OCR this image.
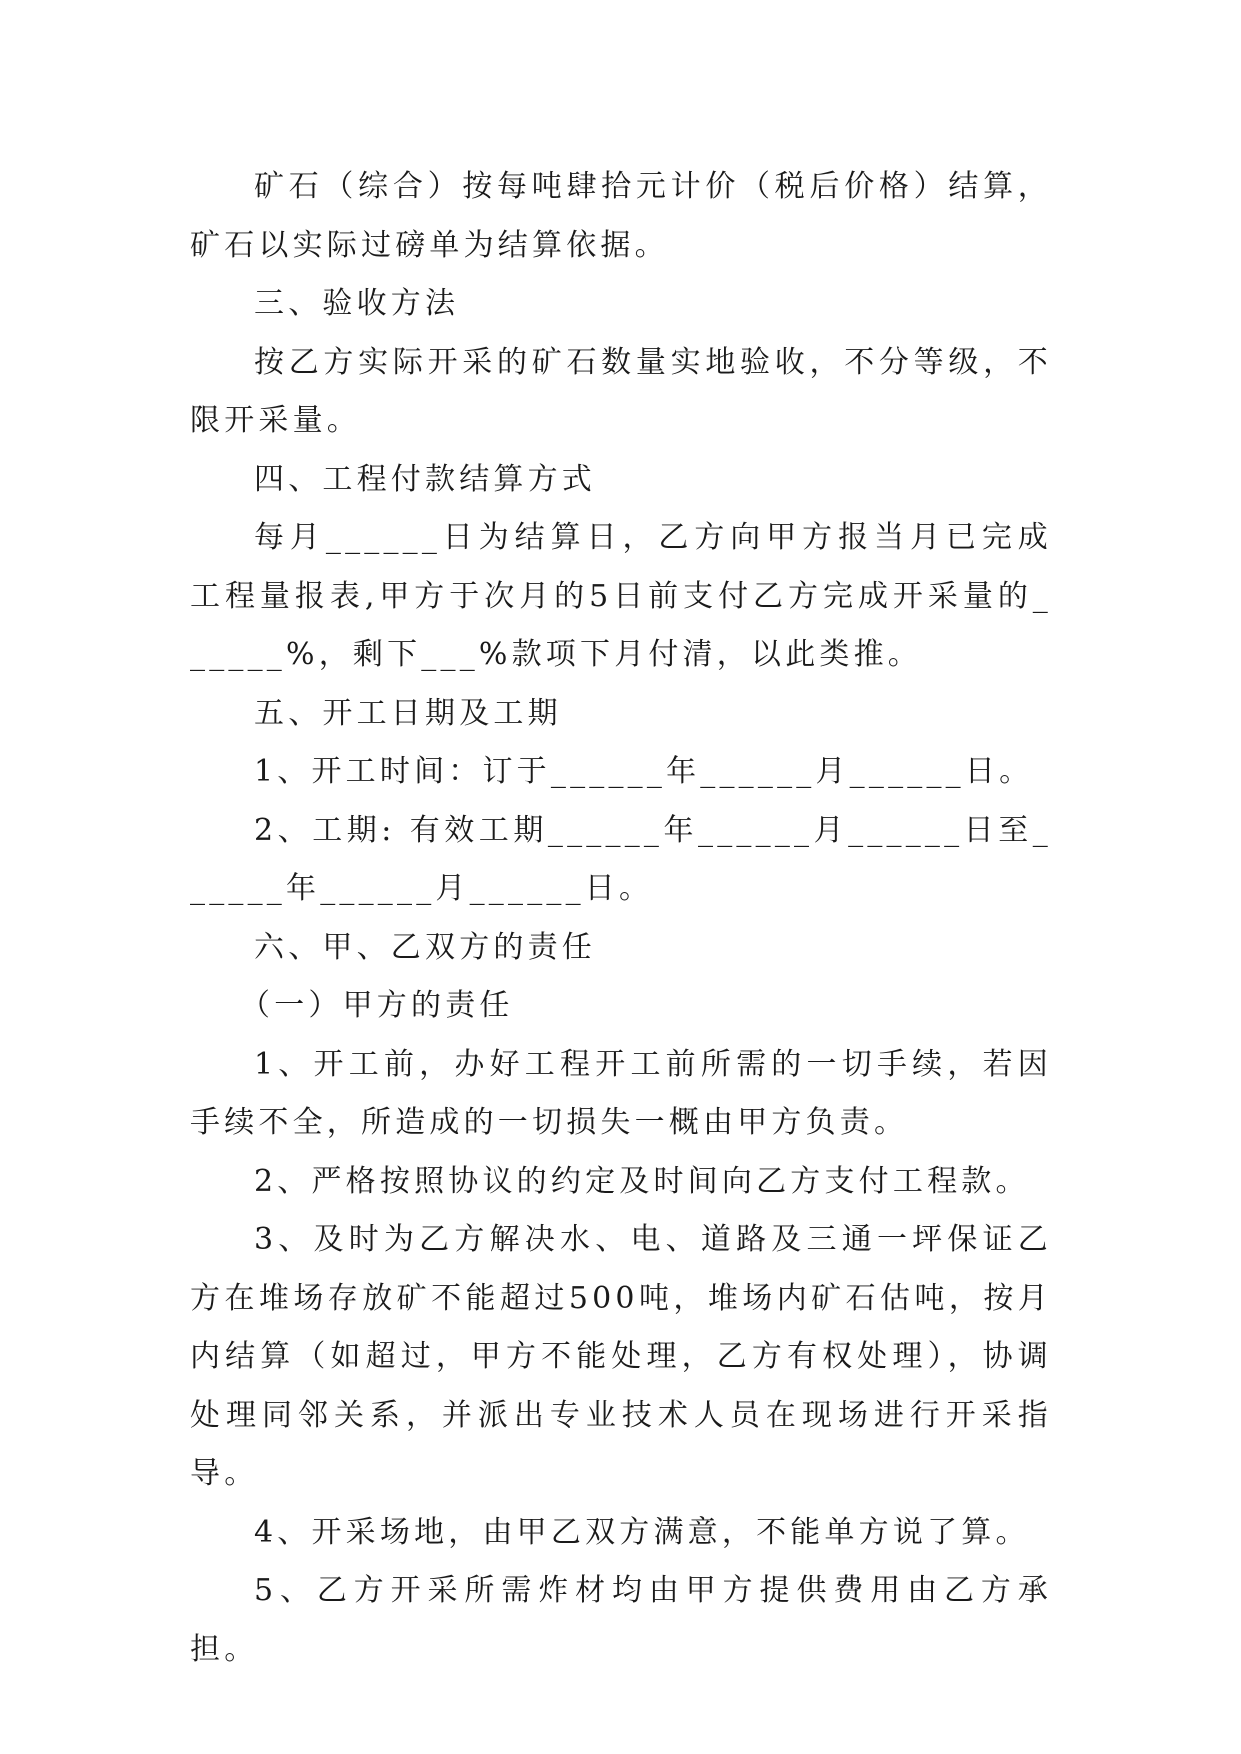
矿石（综合）按每吨肆拾元计价（税后价格）结算，矿石以实际过磅单为结算依据。

三、验收方法

按乙方实际开采的矿石数量实地验收，不分等级，不限开采量。

四、工程付款结算方式

每月______日为结算日，乙方向甲方报当月已完成工程量报表,甲方于次月的5日前支付乙方完成开采量的______%，剩下___%款项下月付清，以此类推。

五、开工日期及工期

1、开工时间：订于______年______月______日。

2、工期: 有效工期______年______月______日至______年______月______日。

六、甲、乙双方的责任

（一）甲方的责任

1、开工前，办好工程开工前所需的一切手续，若因手续不全，所造成的一切损失一概由甲方负责。

2、严格按照协议的约定及时间向乙方支付工程款。

3、及时为乙方解决水、电、道路及三通一坪保证乙方在堆场存放矿不能超过500吨，堆场内矿石估吨，按月内结算（如超过，甲方不能处理，乙方有权处理），协调处理同邻关系，并派出专业技术人员在现场进行开采指导。

4、开采场地，由甲乙双方满意，不能单方说了算。

5、乙方开采所需炸材均由甲方提供费用由乙方承担。
